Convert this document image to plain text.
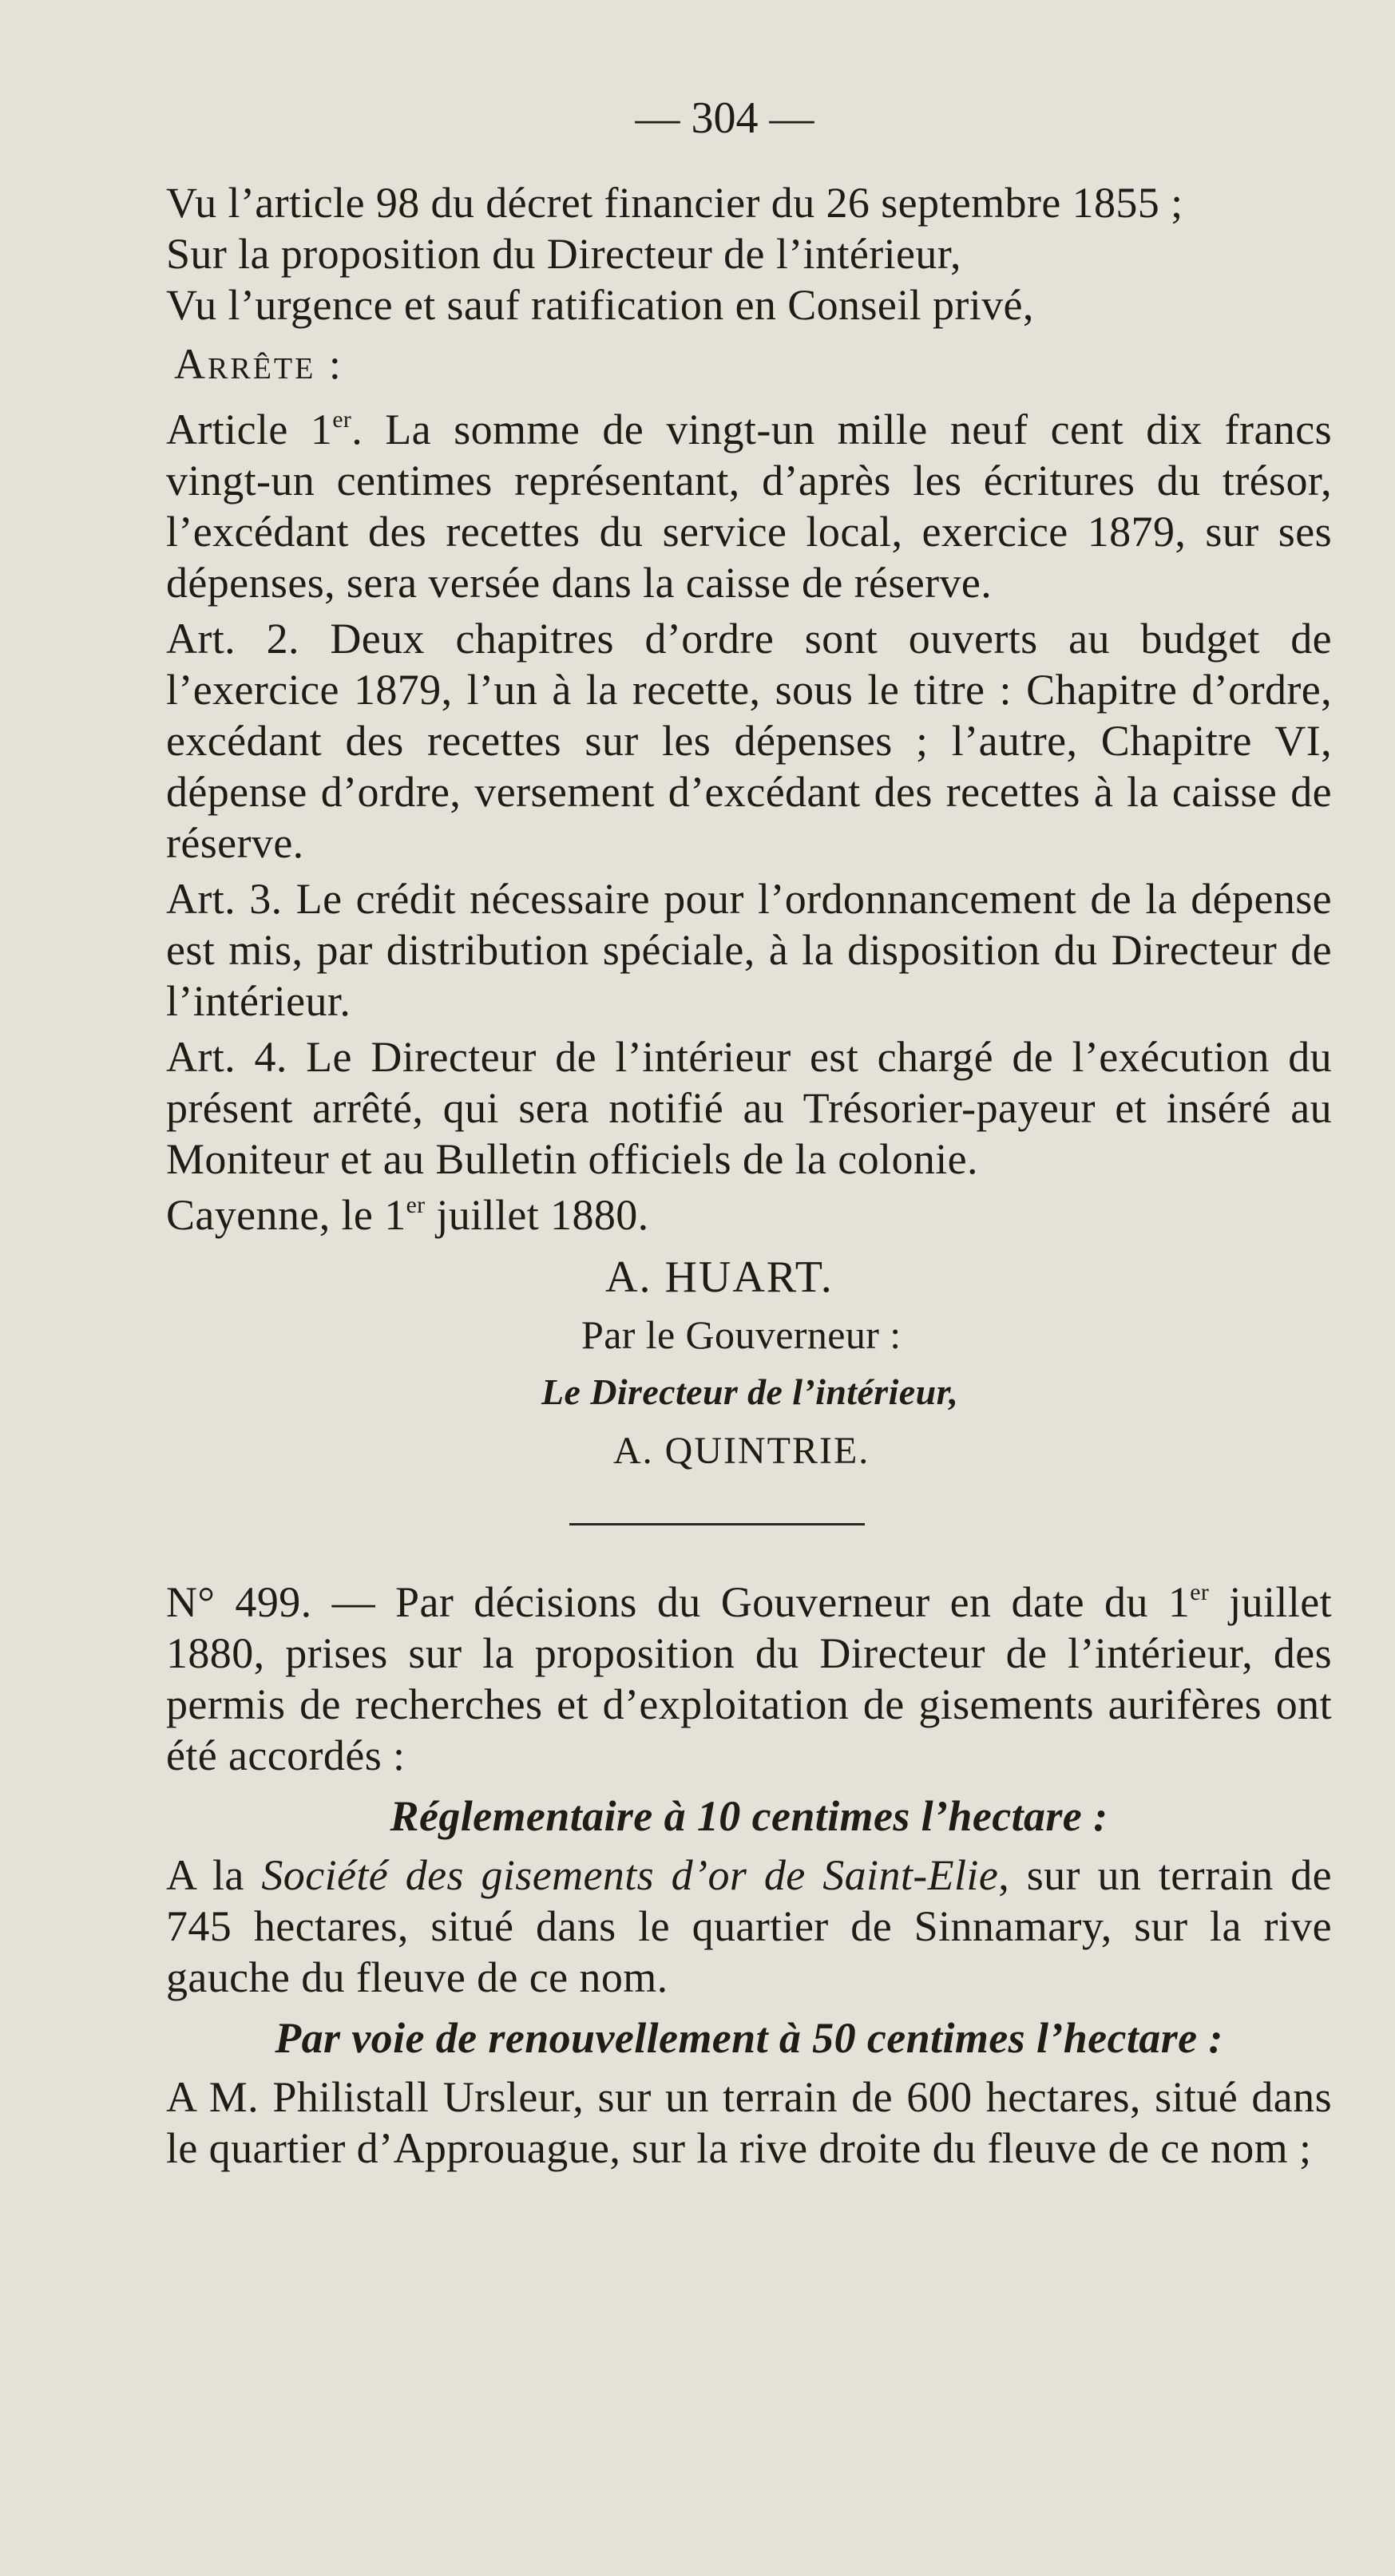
— 304 —

Vu l’article 98 du décret financier du 26 septembre 1855 ;

Sur la proposition du Directeur de l’intérieur,

Vu l’urgence et sauf ratification en Conseil privé,

Arrête :

Article 1er. La somme de vingt-un mille neuf cent dix francs vingt-un centimes représentant, d’après les écritures du trésor, l’excédant des recettes du service local, exercice 1879, sur ses dépenses, sera versée dans la caisse de réserve.

Art. 2. Deux chapitres d’ordre sont ouverts au budget de l’exercice 1879, l’un à la recette, sous le titre : Chapitre d’ordre, excédant des recettes sur les dépenses ; l’autre, Chapitre VI, dépense d’ordre, versement d’excédant des recettes à la caisse de réserve.

Art. 3. Le crédit nécessaire pour l’ordonnancement de la dépense est mis, par distribution spéciale, à la disposition du Directeur de l’intérieur.

Art. 4. Le Directeur de l’intérieur est chargé de l’exécution du présent arrêté, qui sera notifié au Trésorier-payeur et inséré au Moniteur et au Bulletin officiels de la colonie.

Cayenne, le 1er juillet 1880.

A. HUART.

Par le Gouverneur :

Le Directeur de l’intérieur,

A. QUINTRIE.

N° 499. — Par décisions du Gouverneur en date du 1er juillet 1880, prises sur la proposition du Directeur de l’intérieur, des permis de recherches et d’exploitation de gisements aurifères ont été accordés :

Réglementaire à 10 centimes l’hectare :

A la Société des gisements d’or de Saint-Elie, sur un terrain de 745 hectares, situé dans le quartier de Sinnamary, sur la rive gauche du fleuve de ce nom.

Par voie de renouvellement à 50 centimes l’hectare :

A M. Philistall Ursleur, sur un terrain de 600 hectares, situé dans le quartier d’Approuague, sur la rive droite du fleuve de ce nom ;
